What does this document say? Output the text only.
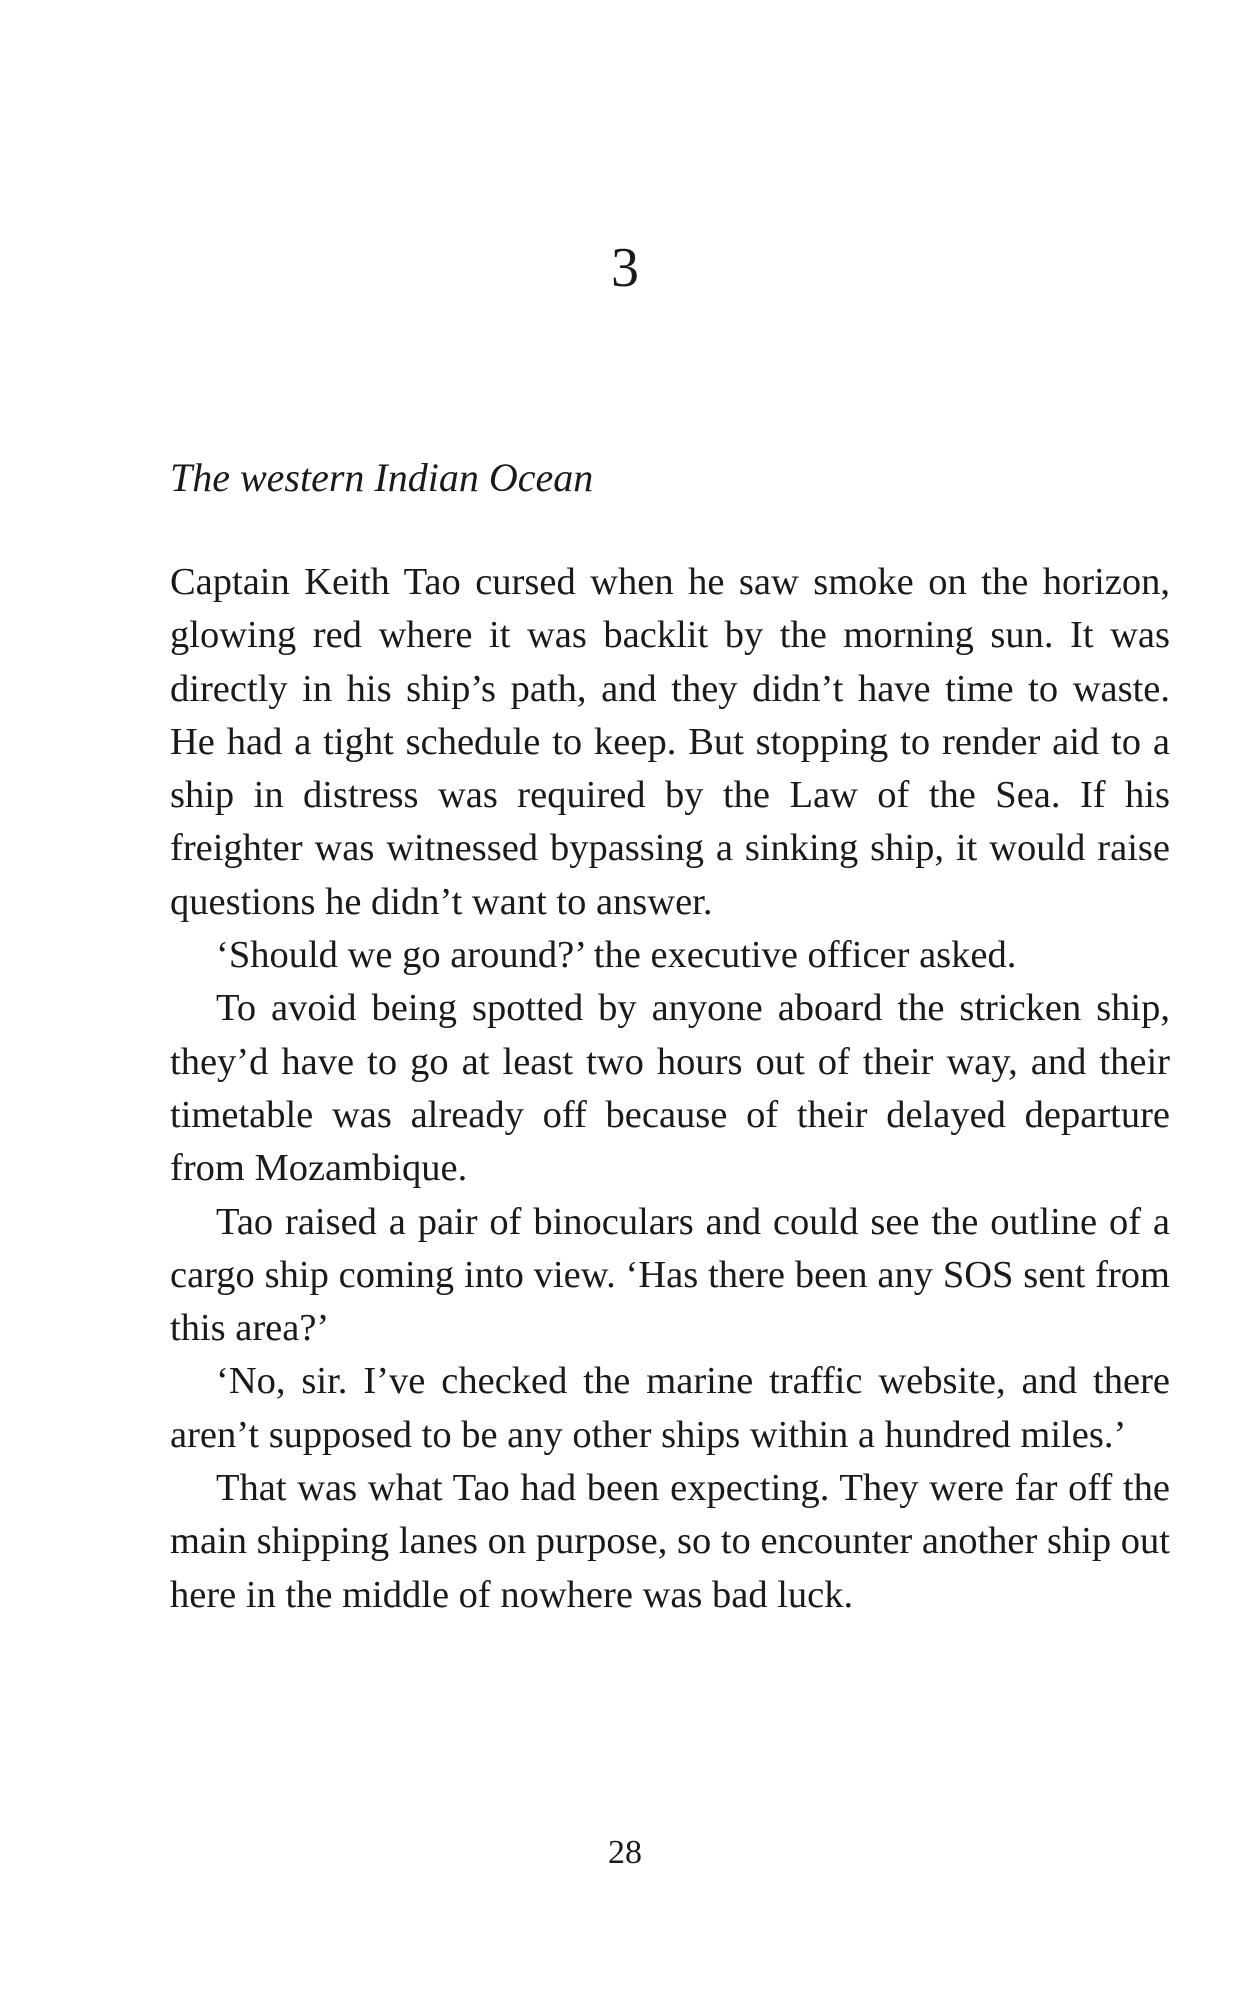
3
The western Indian Ocean

Captain Keith Tao cursed when he saw smoke on the horizon, glowing red where it was backlit by the morning sun. It was directly in his ship’s path, and they didn’t have time to waste. He had a tight schedule to keep. But stopping to render aid to a ship in distress was required by the Law of the Sea. If his freighter was witnessed bypassing a sinking ship, it would raise questions he didn’t want to answer.

‘Should we go around?’ the executive officer asked.

To avoid being spotted by anyone aboard the stricken ship, they’d have to go at least two hours out of their way, and their timetable was already off because of their delayed departure from Mozambique.

Tao raised a pair of binoculars and could see the outline of a cargo ship coming into view. ‘Has there been any SOS sent from this area?’

‘No, sir. I’ve checked the marine traffic website, and there aren’t supposed to be any other ships within a hundred miles.’

That was what Tao had been expecting. They were far off the main shipping lanes on purpose, so to encounter another ship out here in the middle of nowhere was bad luck.

28
